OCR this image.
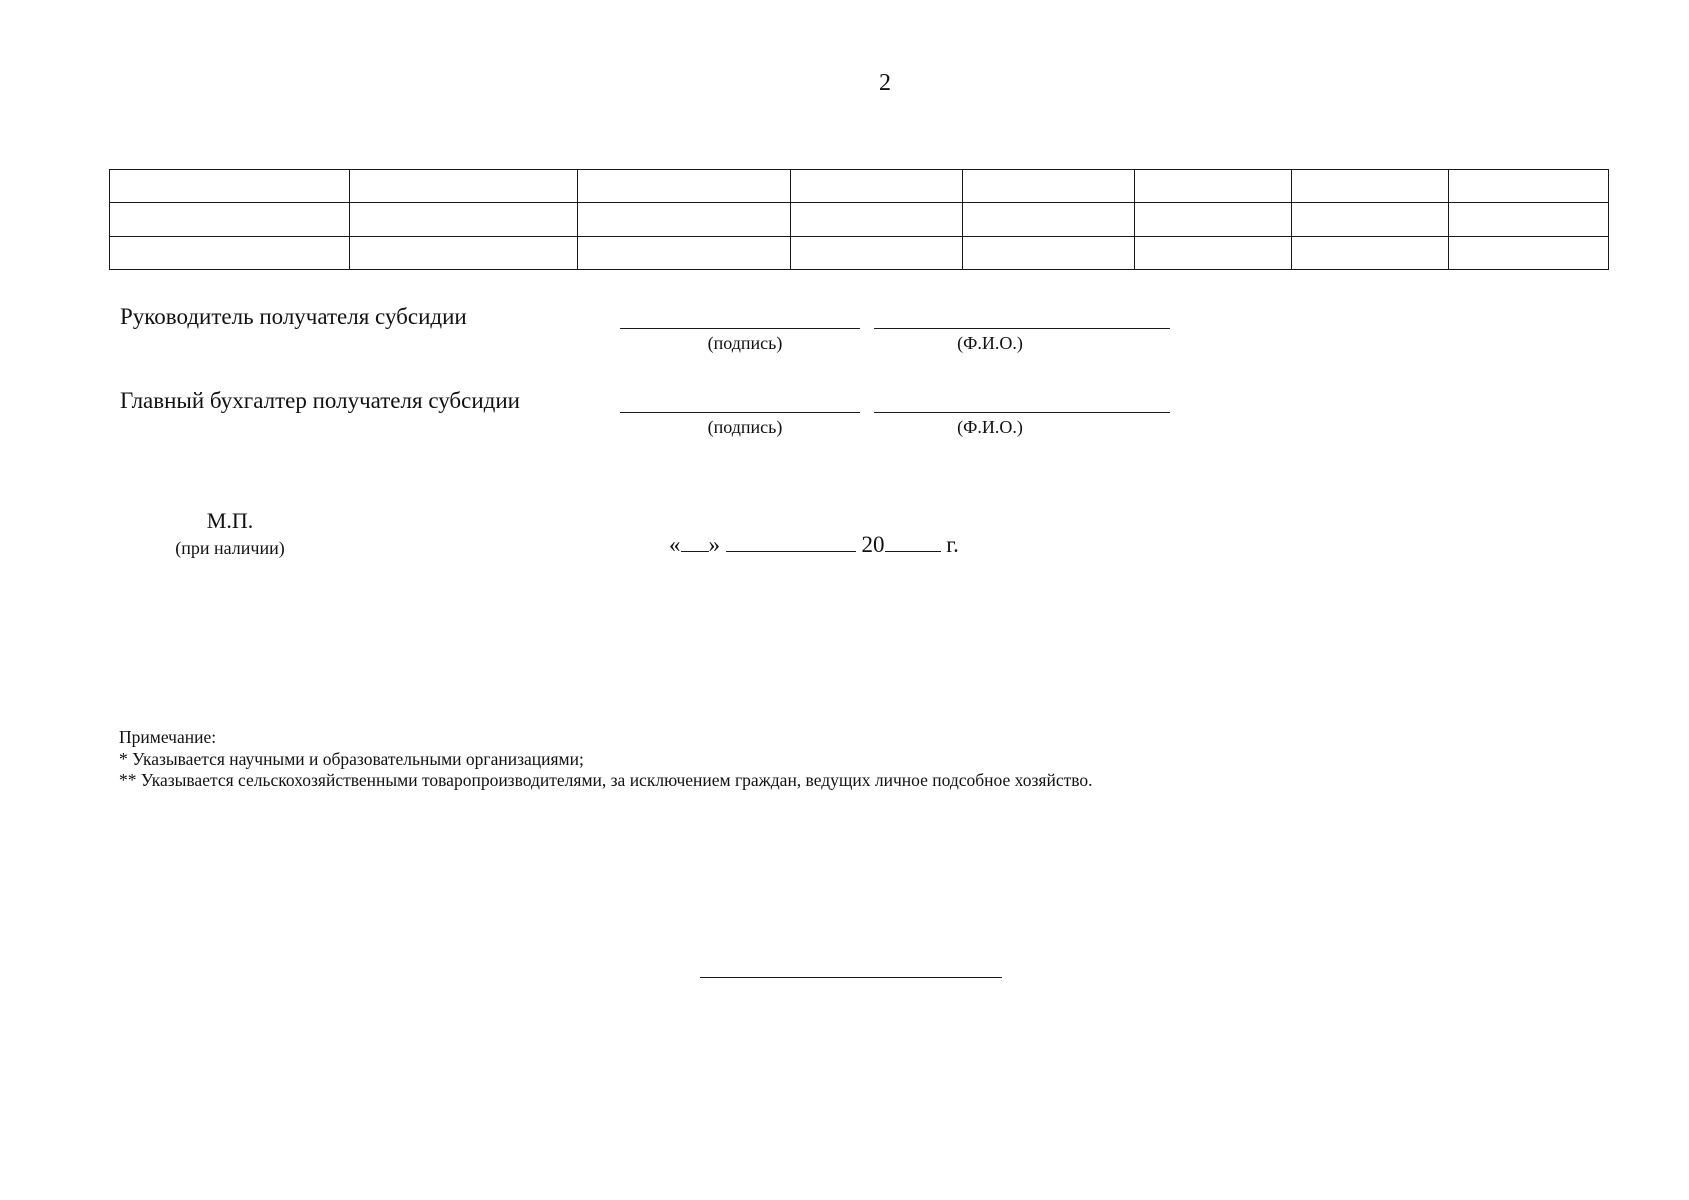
2

Руководитель получателя субсидии
(подпись)	(Ф.И.О.)
Главный бухгалтер получателя субсидии
(подпись)	(Ф.И.О.)
М.П.
(при наличии)	« »	20	г.
Примечание:
* Указывается научными и образовательными организациями;
** Указывается сельскохозяйственными товаропроизводителями, за исключением граждан, ведущих личное подсобное хозяйство.
